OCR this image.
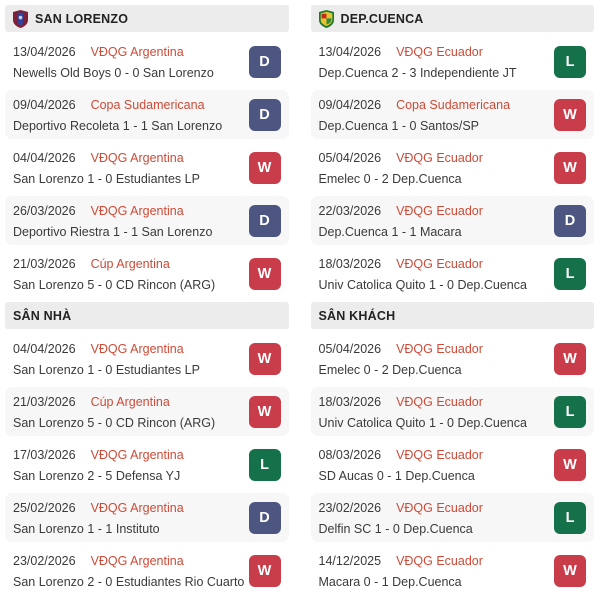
SAN LORENZO
13/04/2026 VĐQG Argentina
Newells Old Boys 0 - 0 San Lorenzo
D
09/04/2026 Copa Sudamericana
Deportivo Recoleta 1 - 1 San Lorenzo
D
04/04/2026 VĐQG Argentina
San Lorenzo 1 - 0 Estudiantes LP
W
26/03/2026 VĐQG Argentina
Deportivo Riestra 1 - 1 San Lorenzo
D
21/03/2026 Cúp Argentina
San Lorenzo 5 - 0 CD Rincon (ARG)
W
SÂN NHÀ
04/04/2026 VĐQG Argentina
San Lorenzo 1 - 0 Estudiantes LP
W
21/03/2026 Cúp Argentina
San Lorenzo 5 - 0 CD Rincon (ARG)
W
17/03/2026 VĐQG Argentina
San Lorenzo 2 - 5 Defensa YJ
L
25/02/2026 VĐQG Argentina
San Lorenzo 1 - 1 Instituto
D
23/02/2026 VĐQG Argentina
San Lorenzo 2 - 0 Estudiantes Rio Cuarto
W
DEP.CUENCA
13/04/2026 VĐQG Ecuador
Dep.Cuenca 2 - 3 Independiente JT
L
09/04/2026 Copa Sudamericana
Dep.Cuenca 1 - 0 Santos/SP
W
05/04/2026 VĐQG Ecuador
Emelec 0 - 2 Dep.Cuenca
W
22/03/2026 VĐQG Ecuador
Dep.Cuenca 1 - 1 Macara
D
18/03/2026 VĐQG Ecuador
Univ Catolica Quito 1 - 0 Dep.Cuenca
L
SÂN KHÁCH
05/04/2026 VĐQG Ecuador
Emelec 0 - 2 Dep.Cuenca
W
18/03/2026 VĐQG Ecuador
Univ Catolica Quito 1 - 0 Dep.Cuenca
L
08/03/2026 VĐQG Ecuador
SD Aucas 0 - 1 Dep.Cuenca
W
23/02/2026 VĐQG Ecuador
Delfin SC 1 - 0 Dep.Cuenca
L
14/12/2025 VĐQG Ecuador
Macara 0 - 1 Dep.Cuenca
W
